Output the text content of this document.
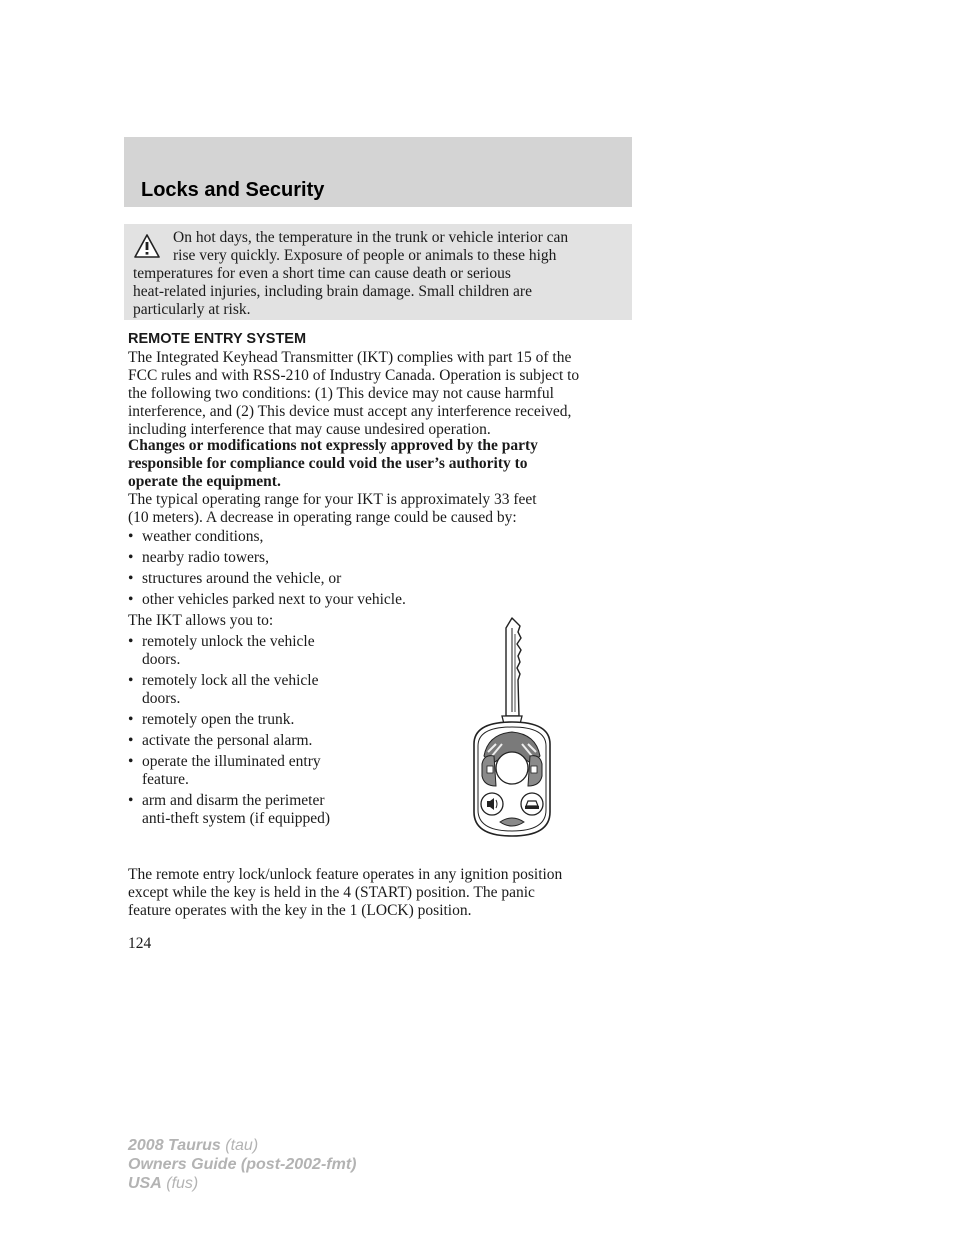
Locks and Security
On hot days, the temperature in the trunk or vehicle interior can
rise very quickly. Exposure of people or animals to these high
temperatures for even a short time can cause death or serious
heat-related injuries, including brain damage. Small children are
particularly at risk.
REMOTE ENTRY SYSTEM
The Integrated Keyhead Transmitter (IKT) complies with part 15 of the
FCC rules and with RSS-210 of Industry Canada. Operation is subject to
the following two conditions: (1) This device may not cause harmful
interference, and (2) This device must accept any interference received,
including interference that may cause undesired operation.
Changes or modifications not expressly approved by the party
responsible for compliance could void the user’s authority to
operate the equipment.
The typical operating range for your IKT is approximately 33 feet
(10 meters). A decrease in operating range could be caused by:
• weather conditions,
• nearby radio towers,
• structures around the vehicle, or
• other vehicles parked next to your vehicle.
The IKT allows you to:
• remotely unlock the vehicle
doors.
• remotely lock all the vehicle
doors.
• remotely open the trunk.
• activate the personal alarm.
• operate the illuminated entry
feature.
• arm and disarm the perimeter
anti-theft system (if equipped)
The remote entry lock/unlock feature operates in any ignition position
except while the key is held in the 4 (START) position. The panic
feature operates with the key in the 1 (LOCK) position.
124
2008 Taurus (tau)
Owners Guide (post-2002-fmt)
USA (fus)
